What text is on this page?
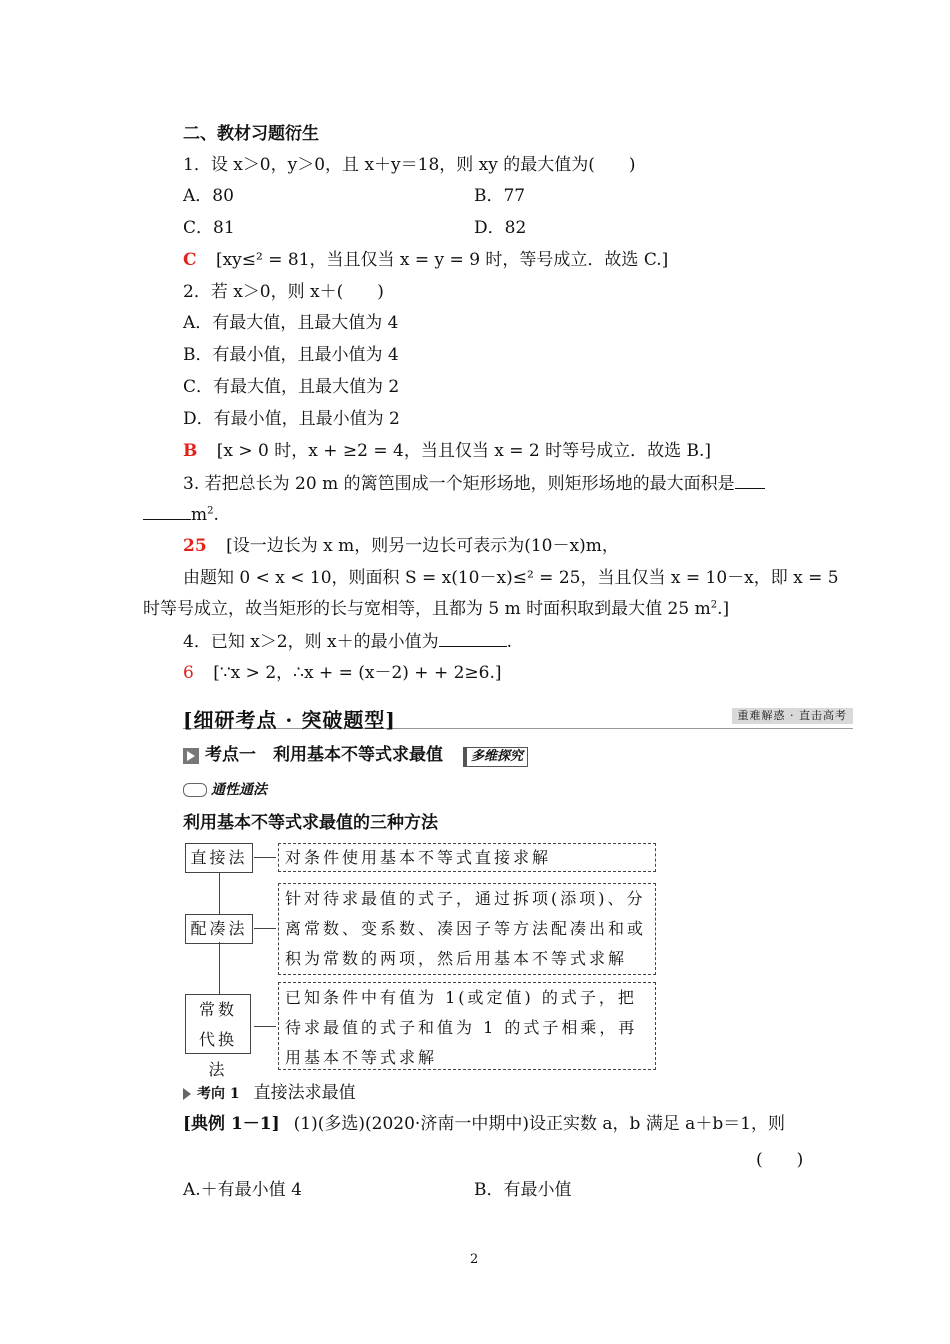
二、教材习题衍生
1．设 x＞0，y＞0，且 x＋y＝18，则 xy 的最大值为(　　)
A．80	B．77
C．81	D．82
C [xy≤² = 81，当且仅当 x = y = 9 时，等号成立．故选 C.]
2．若 x＞0，则 x＋(　　)
A．有最大值，且最大值为 4
B．有最小值，且最小值为 4
C．有最大值，且最大值为 2
D．有最小值，且最小值为 2
B [x > 0 时，x + ≥2 = 4，当且仅当 x = 2 时等号成立．故选 B.]
3. 若把总长为 20 m 的篱笆围成一个矩形场地，则矩形场地的最大面积是
$m^2$.
25 [设一边长为 x m，则另一边长可表示为(10－x)m，
由题知 0 < x < 10，则面积 S = x(10－x)≤² = 25，当且仅当 x = 10－x，即 x = 5
时等号成立，故当矩形的长与宽相等，且都为 5 m 时面积取到最大值 25 $m^2$.]
4．已知 x＞2，则 x＋的最小值为	.
6 [∵x > 2，∴x + = (x－2) + + 2≥6.]
[细研考点 · 突破题型]	重难解惑 · 直击高考
考点一　利用基本不等式求最值 多维探究
通性通法
利用基本不等式求最值的三种方法
直接法	对条件使用基本不等式直接求解
配凑法
针对待求最值的式子，通过拆项(添项)、分离常数、变系数、凑因子等方法配凑出和或积为常数的两项，然后用基本不等式求解
常数代换法
已知条件中有值为 1(或定值) 的式子，把待求最值的式子和值为 1 的式子相乘，再用基本不等式求解
考向 1 直接法求最值
[典例 1－1] (1)(多选)(2020·济南一中期中)设正实数 a，b 满足 a＋b＝1，则
(　　)
A.＋有最小值 4	B．有最小值
2
